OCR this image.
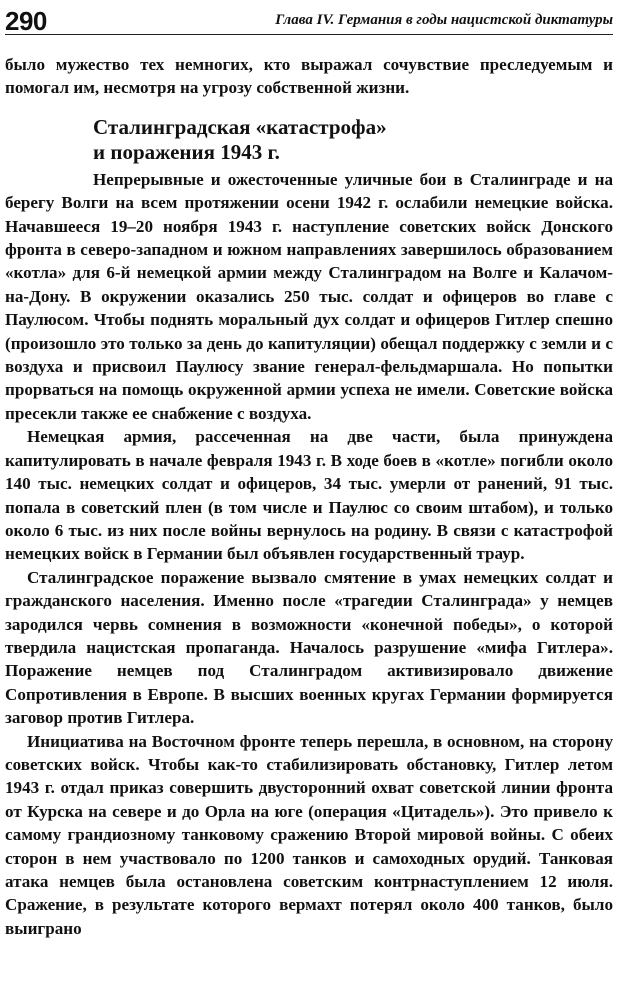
290	Глава IV. Германия в годы нацистской диктатуры

было мужество тех немногих, кто выражал сочувствие преследуемым и помогал им, несмотря на угрозу собственной жизни.

Сталинградская «катастрофа»
и поражения 1943 г.

Непрерывные и ожесточенные уличные бои в Сталинграде и на берегу Волги на всем протяжении осени 1942 г. ослабили немецкие войска. Начавшееся 19–20 ноября 1943 г. наступление советских войск Донского фронта в северо-западном и южном направлениях завершилось образованием «котла» для 6-й немецкой армии между Сталинградом на Волге и Калачом-на-Дону. В окружении оказались 250 тыс. солдат и офицеров во главе с Паулюсом. Чтобы поднять моральный дух солдат и офицеров Гитлер спешно (произошло это только за день до капитуляции) обещал поддержку с земли и с воздуха и присвоил Паулюсу звание генерал-фельдмаршала. Но попытки прорваться на помощь окруженной армии успеха не имели. Советские войска пресекли также ее снабжение с воздуха.

Немецкая армия, рассеченная на две части, была принуждена капитулировать в начале февраля 1943 г. В ходе боев в «котле» погибли около 140 тыс. немецких солдат и офицеров, 34 тыс. умерли от ранений, 91 тыс. попала в советский плен (в том числе и Паулюс со своим штабом), и только около 6 тыс. из них после войны вернулось на родину. В связи с катастрофой немецких войск в Германии был объявлен государственный траур.

Сталинградское поражение вызвало смятение в умах немецких солдат и гражданского населения. Именно после «трагедии Сталинграда» у немцев зародился червь сомнения в возможности «конечной победы», о которой твердила нацистская пропаганда. Началось разрушение «мифа Гитлера». Поражение немцев под Сталинградом активизировало движение Сопротивления в Европе. В высших военных кругах Германии формируется заговор против Гитлера.

Инициатива на Восточном фронте теперь перешла, в основном, на сторону советских войск. Чтобы как-то стабилизировать обстановку, Гитлер летом 1943 г. отдал приказ совершить двусторонний охват советской линии фронта от Курска на севере и до Орла на юге (операция «Цитадель»). Это привело к самому грандиозному танковому сражению Второй мировой войны. С обеих сторон в нем участвовало по 1200 танков и самоходных орудий. Танковая атака немцев была остановлена советским контрнаступлением 12 июля. Сражение, в результате которого вермахт потерял около 400 танков, было выиграно
